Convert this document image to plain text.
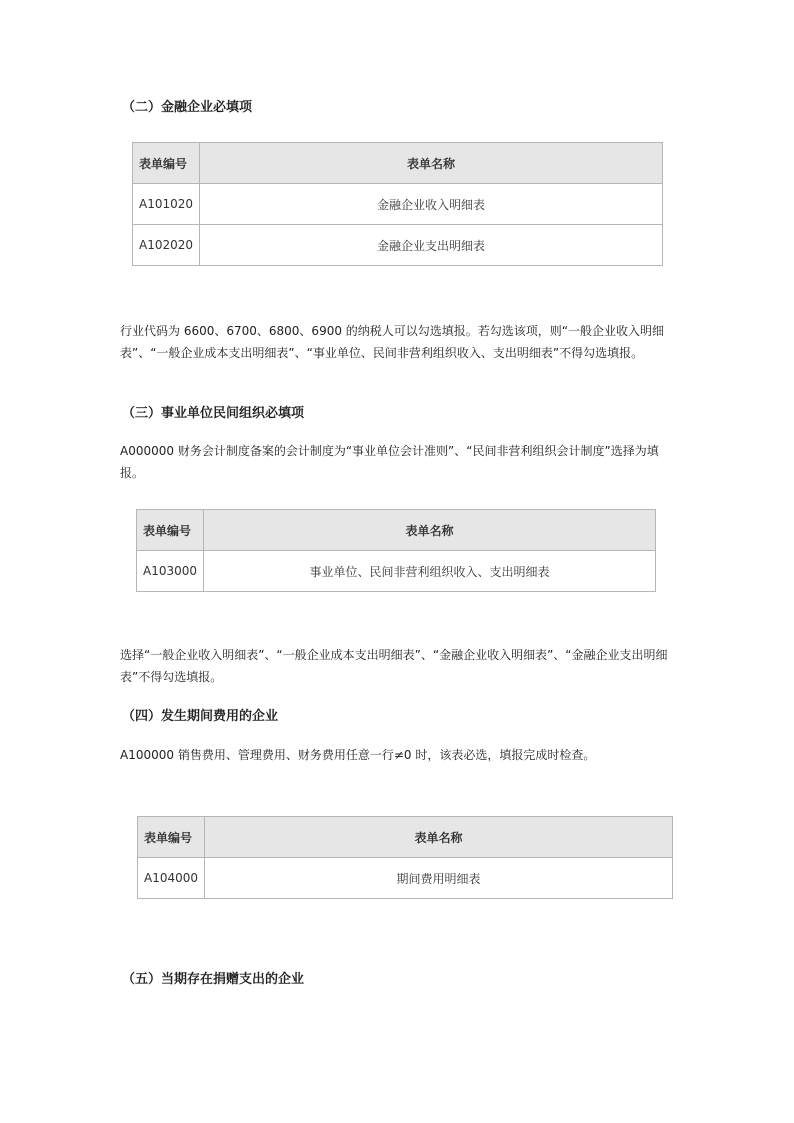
（二）金融企业必填项
表单编号	表单名称
A101020	金融企业收入明细表
A102020	金融企业支出明细表
行业代码为 6600、6700、6800、6900 的纳税人可以勾选填报。若勾选该项，则“一般企业收入明细表”、“一般企业成本支出明细表”、“事业单位、民间非营利组织收入、支出明细表”不得勾选填报。
（三）事业单位民间组织必填项
A000000 财务会计制度备案的会计制度为“事业单位会计准则”、“民间非营利组织会计制度”选择为填报。
表单编号	表单名称
A103000	事业单位、民间非营利组织收入、支出明细表
选择“一般企业收入明细表”、“一般企业成本支出明细表”、“金融企业收入明细表”、“金融企业支出明细表”不得勾选填报。
（四）发生期间费用的企业
A100000 销售费用、管理费用、财务费用任意一行≠0 时，该表必选，填报完成时检查。
表单编号	表单名称
A104000	期间费用明细表
（五）当期存在捐赠支出的企业
